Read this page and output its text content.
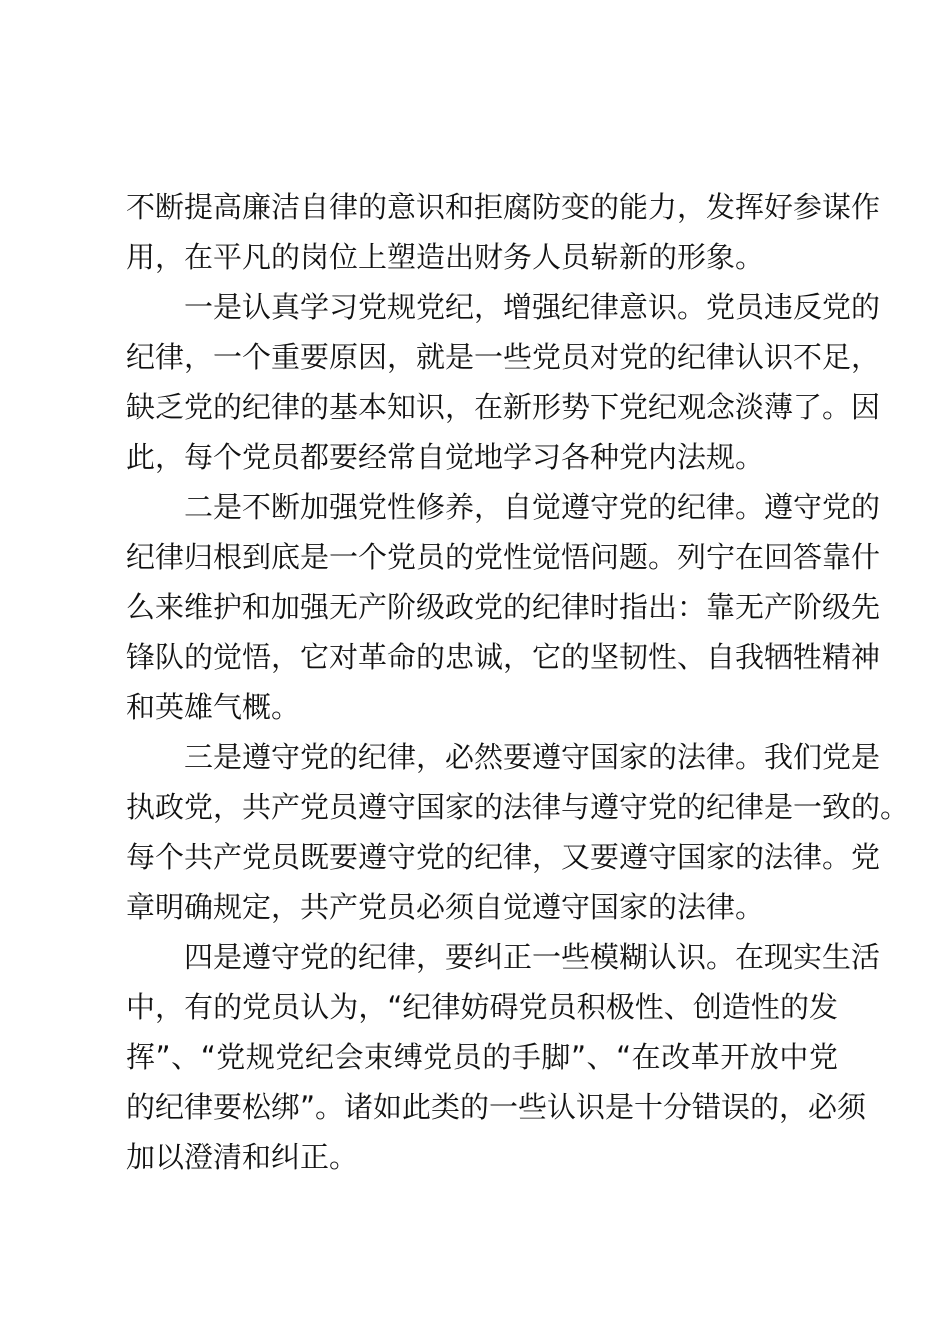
不断提高廉洁自律的意识和拒腐防变的能力，发挥好参谋作
用，在平凡的岗位上塑造出财务人员崭新的形象。
一是认真学习党规党纪，增强纪律意识。党员违反党的
纪律，一个重要原因，就是一些党员对党的纪律认识不足，
缺乏党的纪律的基本知识，在新形势下党纪观念淡薄了。因
此，每个党员都要经常自觉地学习各种党内法规。
二是不断加强党性修养，自觉遵守党的纪律。遵守党的
纪律归根到底是一个党员的党性觉悟问题。列宁在回答靠什
么来维护和加强无产阶级政党的纪律时指出：靠无产阶级先
锋队的觉悟，它对革命的忠诚，它的坚韧性、自我牺牲精神
和英雄气概。
三是遵守党的纪律，必然要遵守国家的法律。我们党是
执政党，共产党员遵守国家的法律与遵守党的纪律是一致的。
每个共产党员既要遵守党的纪律，又要遵守国家的法律。党
章明确规定，共产党员必须自觉遵守国家的法律。
四是遵守党的纪律，要纠正一些模糊认识。在现实生活
中，有的党员认为，“纪律妨碍党员积极性、创造性的发
挥”、“党规党纪会束缚党员的手脚”、“在改革开放中党
的纪律要松绑”。诸如此类的一些认识是十分错误的，必须
加以澄清和纠正。
